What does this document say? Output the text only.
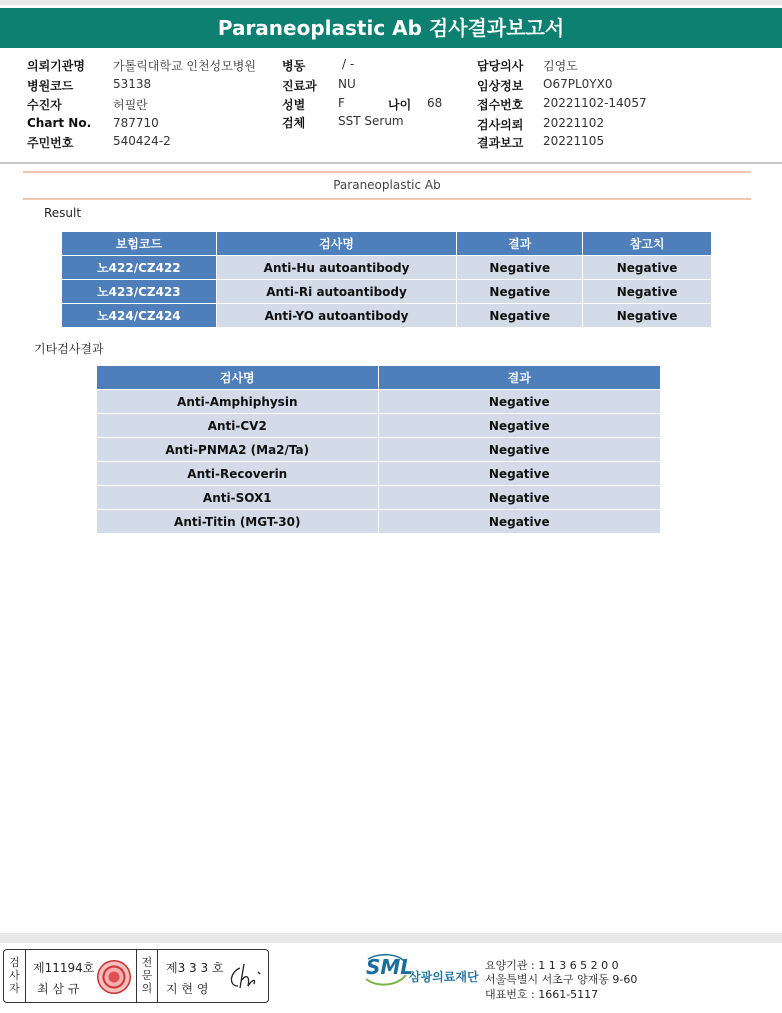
Paraneoplastic Ab 검사결과보고서
의뢰기관명 가톨릭대학교 인천성모병원
병원코드	53138
수진자	허필란
Chart No. 787710
주민번호	540424-2
병동	/ -
진료과 NU
성별	F	나이 68
검체	SST Serum
담당의사 김영도
임상정보 O67PL0YX0
접수번호 20221102-14057
검사의뢰 20221102
결과보고 20221105
Paraneoplastic Ab
Result
보험코드	검사명	결과	참고치
노422/CZ422	Anti-Hu autoantibody	Negative	Negative
노423/CZ423	Anti-Ri autoantibody	Negative	Negative
노424/CZ424	Anti-YO autoantibody	Negative	Negative
기타검사결과
검사명	결과
Anti-Amphiphysin	Negative
Anti-CV2	Negative
Anti-PNMA2 (Ma2/Ta)	Negative
Anti-Recoverin	Negative
Anti-SOX1	Negative
Anti-Titin (MGT-30)	Negative
검
사
자
제11194호
최 삼 규
전
문
의
제3 3 3 호
지 현 영
SML
삼광의료재단
요양기관 : 1 1 3 6 5 2 0 0
서울특별시 서초구 양재동 9-60
대표번호 : 1661-5117
